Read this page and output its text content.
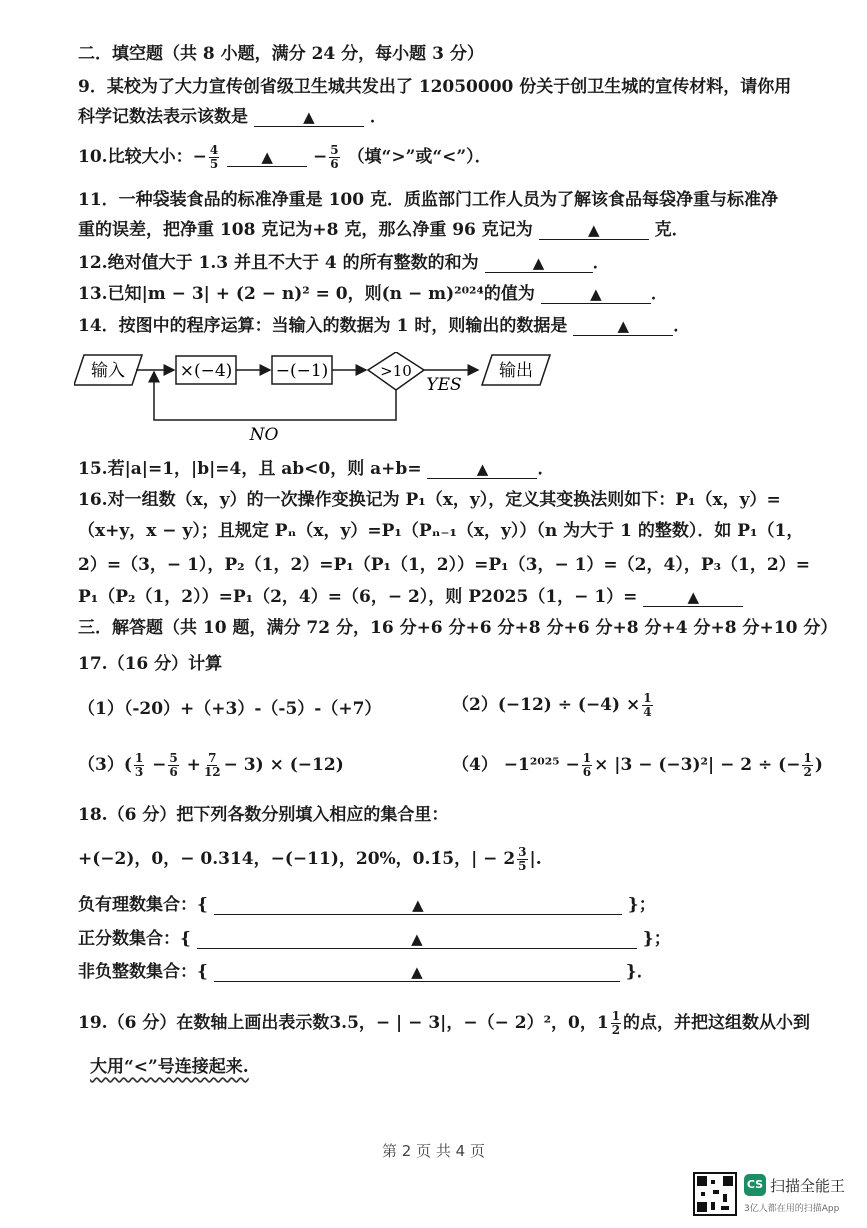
二．填空题（共 8 小题，满分 24 分，每小题 3 分）
9．某校为了大力宣传创省级卫生城共发出了 12050000 份关于创卫生城的宣传材料，请你用
科学记数法表示该数是	▲	．
10.比较大小：− $\frac{4}{5}$	▲ − $\frac{5}{6}$ （填“>”或“<”）．
11．一种袋装食品的标准净重是 100 克．质监部门工作人员为了解该食品每袋净重与标准净
重的误差，把净重 108 克记为+8 克，那么净重 96 克记为	▲	克．
12.绝对值大于 1.3 并且不大于 4 的所有整数的和为	▲	．
13.已知|m − 3| + (2 − n)² = 0，则(n − m)²⁰²⁴的值为	▲	．
14．按图中的程序运算：当输入的数据为 1 时，则输出的数据是	▲	．
输入	×(−4)	−(−1)	>10
YES
输出
NO
15.若|a|=1，|b|=4，且 ab<0，则 a+b=	▲	．
16.对一组数（x，y）的一次操作变换记为 P₁（x，y），定义其变换法则如下：P₁（x，y）=
（x+y，x − y）；且规定 Pₙ（x，y）=P₁（Pₙ₋₁（x，y））（n 为大于 1 的整数）．如 P₁（1，
2）=（3，− 1），P₂（1，2）=P₁（P₁（1，2））=P₁（3，− 1）=（2，4），P₃（1，2）=
P₁（P₂（1，2））=P₁（2，4）=（6，− 2），则 P2025（1，− 1）=	▲
三．解答题（共 10 题，满分 72 分，16 分+6 分+6 分+8 分+6 分+8 分+4 分+8 分+10 分）
17.（16 分）计算
（1）（-20）+（+3）-（-5）-（+7）	$(2)(-12) \div (-4) \times \frac{1}{4}$
$(3)( \frac{1}{3} - \frac{5}{6} + \frac{7}{12} - 3) \times (-12)$	$(4) -1^{2025} - \frac{1}{6} \times |3 - (-3)^2| - 2$ ÷ (− $\frac{1}{2}$ )
18.（6 分）把下列各数分别填入相应的集合里：
+(−2)，0，− 0.314，−(−11)，20%，0.1̇5̇，| − $2 \frac{3}{5}$ |.
负有理数集合：{	▲	}；
正分数集合：{	▲	}；
非负整数集合：{	▲	}．
19.（6 分）在数轴上画出表示数3.5，− | − 3|，−（− 2）²，0，$1 \frac{1}{2}$ 的点，并把这组数从小到
大用“<”号连接起来.
第 2 页 共 4 页
CS 扫描全能王
3亿人都在用的扫描App
